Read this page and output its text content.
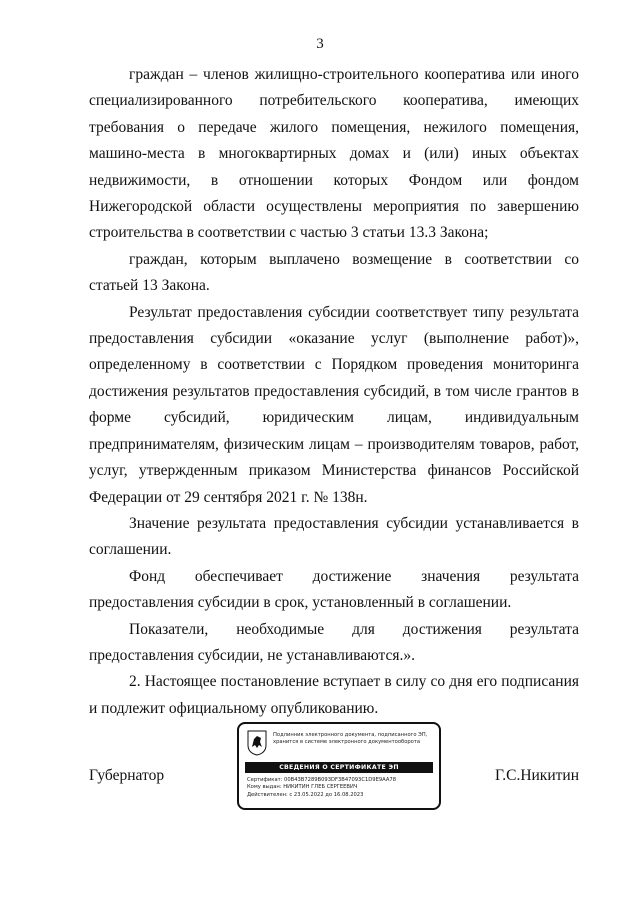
3

граждан – членов жилищно-строительного кооператива или иного специализированного потребительского кооператива, имеющих требования о передаче жилого помещения, нежилого помещения, машино-места в многоквартирных домах и (или) иных объектах недвижимости, в отношении которых Фондом или фондом Нижегородской области осуществлены мероприятия по завершению строительства в соответствии с частью 3 статьи 13.3 Закона;

граждан, которым выплачено возмещение в соответствии со статьей 13 Закона.

Результат предоставления субсидии соответствует типу результата предоставления субсидии «оказание услуг (выполнение работ)», определенному в соответствии с Порядком проведения мониторинга достижения результатов предоставления субсидий, в том числе грантов в форме субсидий, юридическим лицам, индивидуальным предпринимателям, физическим лицам – производителям товаров, работ, услуг, утвержденным приказом Министерства финансов Российской Федерации от 29 сентября 2021 г. № 138н.

Значение результата предоставления субсидии устанавливается в соглашении.

Фонд обеспечивает достижение значения результата предоставления субсидии в срок, установленный в соглашении.

Показатели, необходимые для достижения результата предоставления субсидии, не устанавливаются.».

2. Настоящее постановление вступает в силу со дня его подписания и подлежит официальному опубликованию.

Губернатор
Подлинник электронного документа, подписанного ЭП, хранится в системе электронного документооборота
СВЕДЕНИЯ О СЕРТИФИКАТЕ ЭП
Сертификат: 00B43B7289B093DF3B47093C1D9E9AA78
Кому выдан: НИКИТИН ГЛЕБ СЕРГЕЕВИЧ
Действителен: с 23.05.2022 до 16.08.2023
Г.С.Никитин
